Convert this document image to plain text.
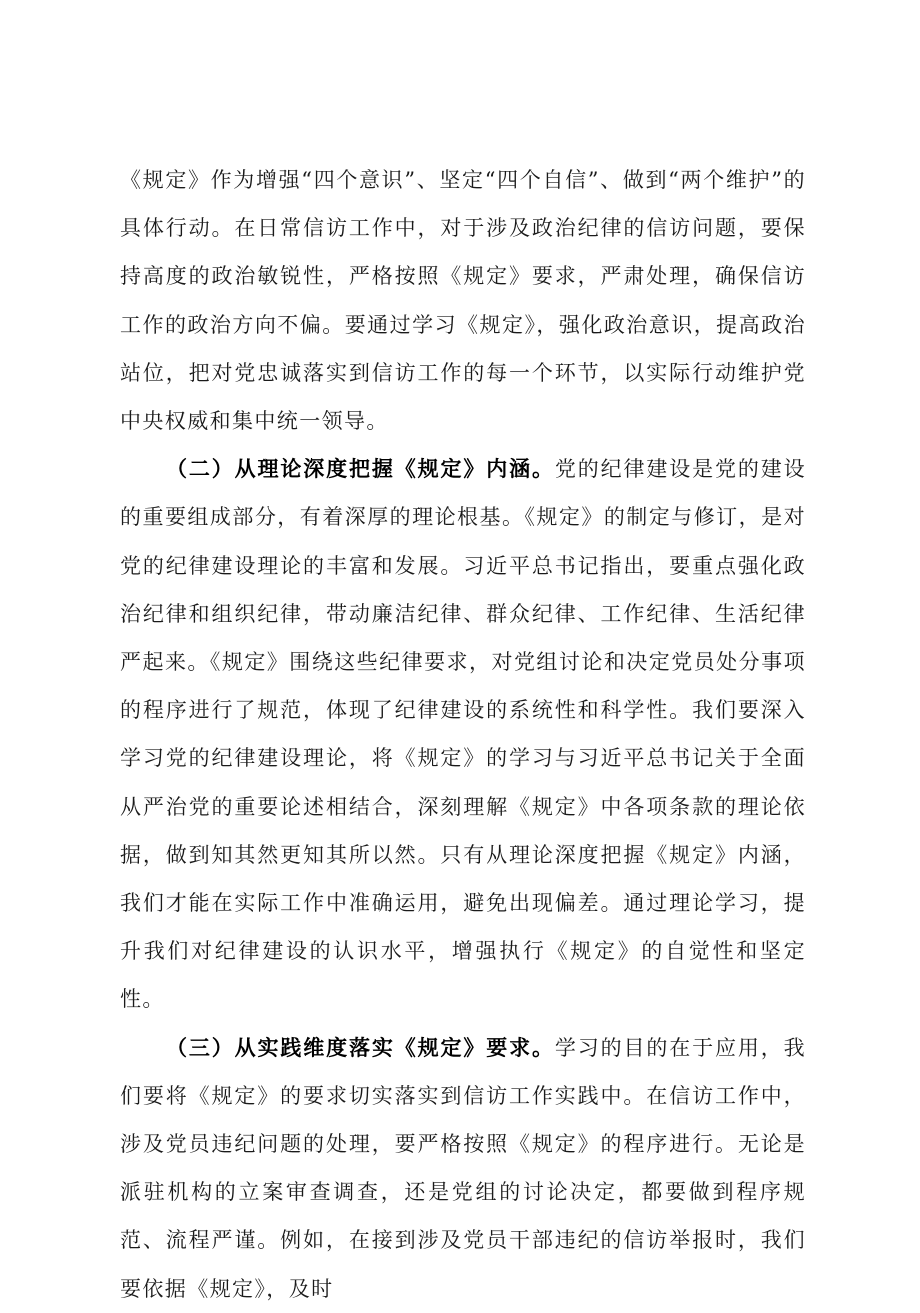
《规定》作为增强“四个意识”、坚定“四个自信”、做到“两个维护”的具体行动。在日常信访工作中，对于涉及政治纪律的信访问题，要保持高度的政治敏锐性，严格按照《规定》要求，严肃处理，确保信访工作的政治方向不偏。要通过学习《规定》，强化政治意识，提高政治站位，把对党忠诚落实到信访工作的每一个环节，以实际行动维护党中央权威和集中统一领导。

（二）从理论深度把握《规定》内涵。党的纪律建设是党的建设的重要组成部分，有着深厚的理论根基。《规定》的制定与修订，是对党的纪律建设理论的丰富和发展。习近平总书记指出，要重点强化政治纪律和组织纪律，带动廉洁纪律、群众纪律、工作纪律、生活纪律严起来。《规定》围绕这些纪律要求，对党组讨论和决定党员处分事项的程序进行了规范，体现了纪律建设的系统性和科学性。我们要深入学习党的纪律建设理论，将《规定》的学习与习近平总书记关于全面从严治党的重要论述相结合，深刻理解《规定》中各项条款的理论依据，做到知其然更知其所以然。只有从理论深度把握《规定》内涵，我们才能在实际工作中准确运用，避免出现偏差。通过理论学习，提升我们对纪律建设的认识水平，增强执行《规定》的自觉性和坚定性。

（三）从实践维度落实《规定》要求。学习的目的在于应用，我们要将《规定》的要求切实落实到信访工作实践中。在信访工作中，涉及党员违纪问题的处理，要严格按照《规定》的程序进行。无论是派驻机构的立案审查调查，还是党组的讨论决定，都要做到程序规范、流程严谨。例如，在接到涉及党员干部违纪的信访举报时，我们要依据《规定》，及时
